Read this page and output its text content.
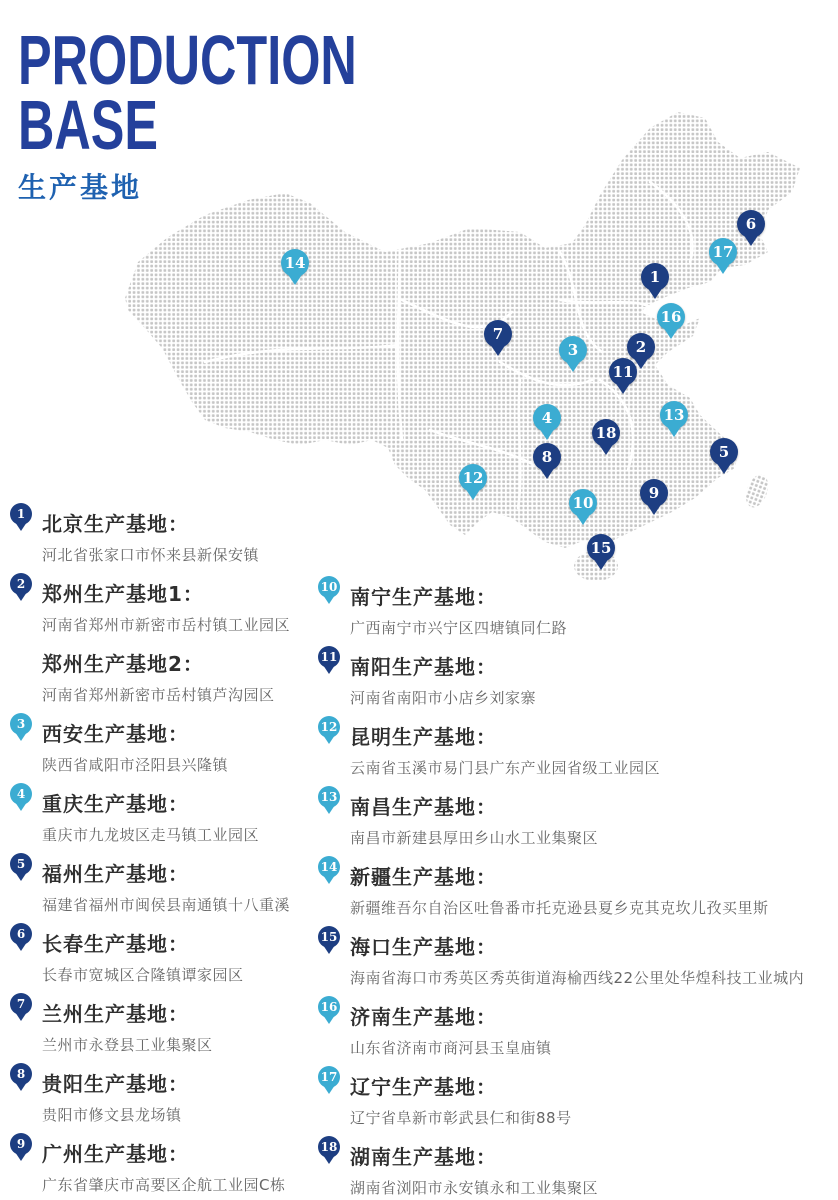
PRODUCTION
BASE
生产基地
1
2
3
4
5
6
7
8
9
10
11
12
13
14
15
16
17
18
1 北京生产基地：
河北省张家口市怀来县新保安镇
2 郑州生产基地1：
河南省郑州市新密市岳村镇工业园区
郑州生产基地2：
河南省郑州新密市岳村镇芦沟园区
3 西安生产基地：
陕西省咸阳市泾阳县兴隆镇
4 重庆生产基地：
重庆市九龙坡区走马镇工业园区
5 福州生产基地：
福建省福州市闽侯县南通镇十八重溪
6 长春生产基地：
长春市宽城区合隆镇谭家园区
7 兰州生产基地：
兰州市永登县工业集聚区
8 贵阳生产基地：
贵阳市修文县龙场镇
9 广州生产基地：
广东省肇庆市高要区企航工业园C栋
10 南宁生产基地：
广西南宁市兴宁区四塘镇同仁路
11 南阳生产基地：
河南省南阳市小店乡刘家寨
12 昆明生产基地：
云南省玉溪市易门县广东产业园省级工业园区
13 南昌生产基地：
南昌市新建县厚田乡山水工业集聚区
14 新疆生产基地：
新疆维吾尔自治区吐鲁番市托克逊县夏乡克其克坎儿孜买里斯
15 海口生产基地：
海南省海口市秀英区秀英街道海榆西线22公里处华煌科技工业城内
16 济南生产基地：
山东省济南市商河县玉皇庙镇
17 辽宁生产基地：
辽宁省阜新市彰武县仁和街88号
18 湖南生产基地：
湖南省浏阳市永安镇永和工业集聚区
